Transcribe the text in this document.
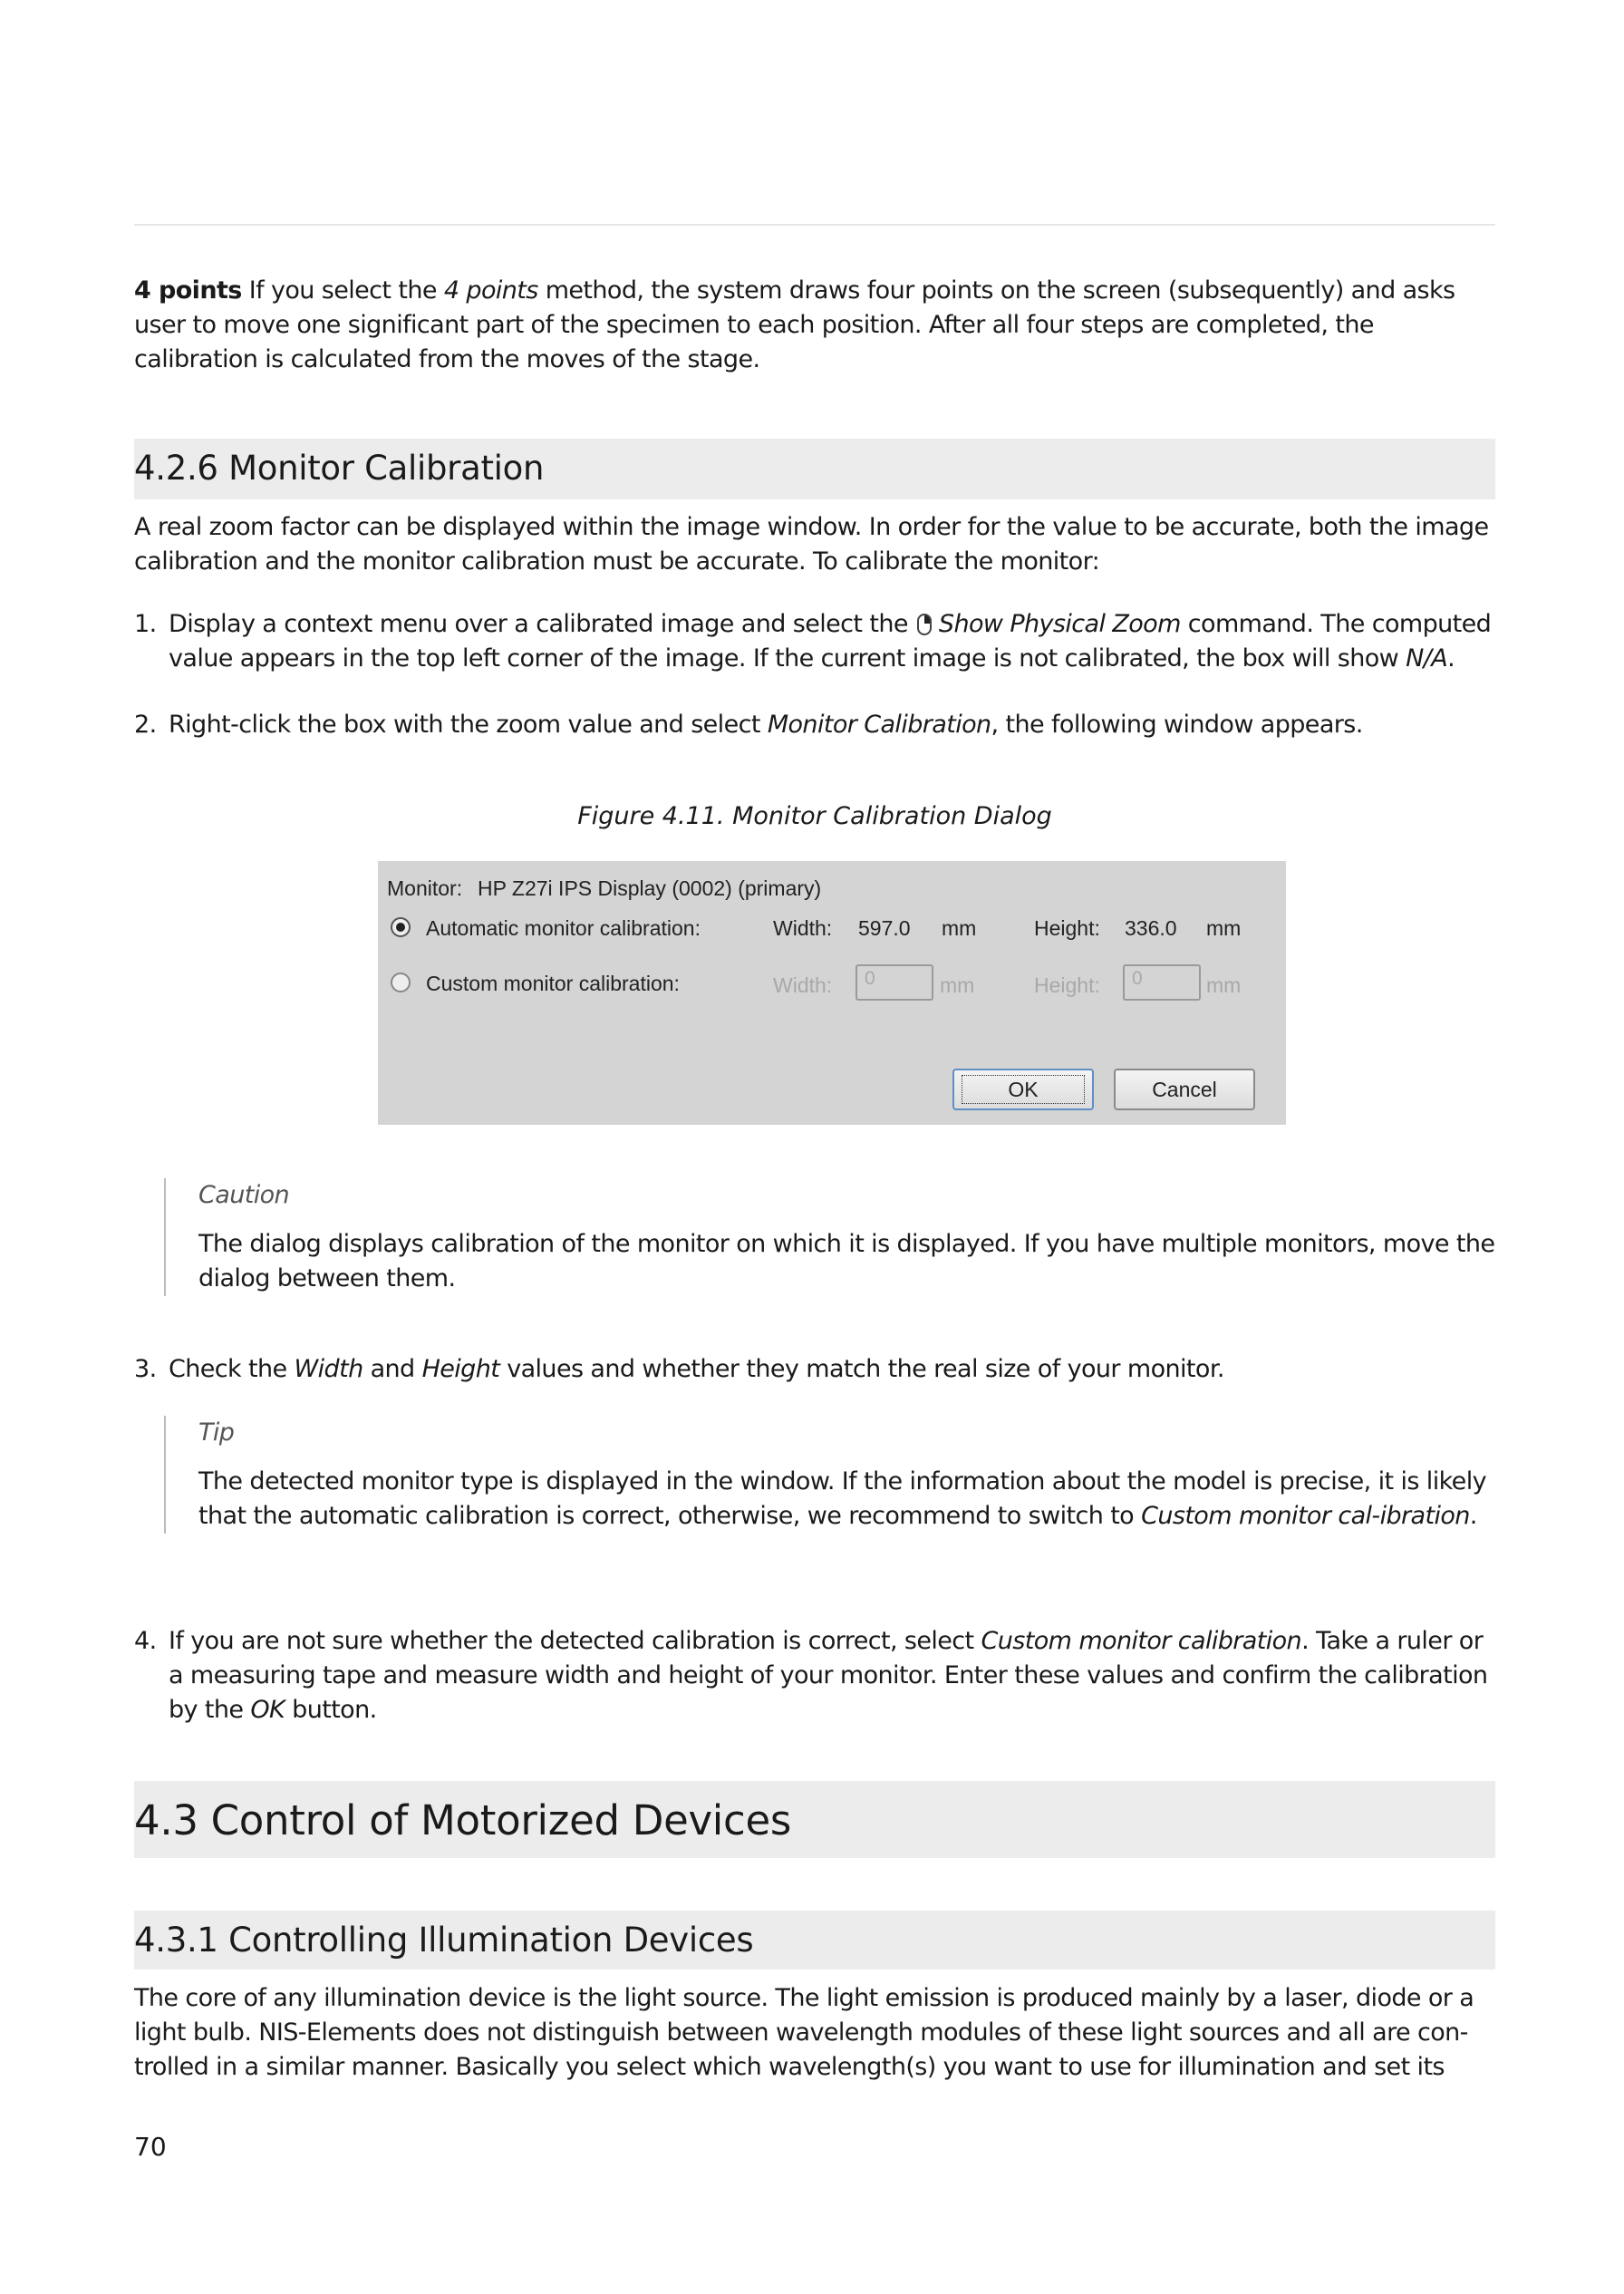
4 points If you select the 4 points method, the system draws four points on the screen (subsequently) and asks user to move one significant part of the specimen to each position. After all four steps are completed, the calibration is calculated from the moves of the stage.
4.2.6 Monitor Calibration
A real zoom factor can be displayed within the image window. In order for the value to be accurate, both the image calibration and the monitor calibration must be accurate. To calibrate the monitor:
1. Display a context menu over a calibrated image and select the Show Physical Zoom command. The computed value appears in the top left corner of the image. If the current image is not calibrated, the box will show N/A.
2. Right-click the box with the zoom value and select Monitor Calibration, the following window appears.
Figure 4.11. Monitor Calibration Dialog
Monitor: HP Z27i IPS Display (0002) (primary)
Automatic monitor calibration:	Width: 597.0 mm	Height: 336.0 mm
Custom monitor calibration:	Width:	0	mm	Height:	0	mm
OK	Cancel
Caution
The dialog displays calibration of the monitor on which it is displayed. If you have multiple monitors, move the dialog between them.
3. Check the Width and Height values and whether they match the real size of your monitor.
Tip
The detected monitor type is displayed in the window. If the information about the model is precise, it is likely that the automatic calibration is correct, otherwise, we recommend to switch to Custom monitor cal-ibration.
4. If you are not sure whether the detected calibration is correct, select Custom monitor calibration. Take a ruler or a measuring tape and measure width and height of your monitor. Enter these values and confirm the calibration by the OK button.
4.3 Control of Motorized Devices
4.3.1 Controlling Illumination Devices
The core of any illumination device is the light source. The light emission is produced mainly by a laser, diode or a light bulb. NIS-Elements does not distinguish between wavelength modules of these light sources and all are con-trolled in a similar manner. Basically you select which wavelength(s) you want to use for illumination and set its
70
